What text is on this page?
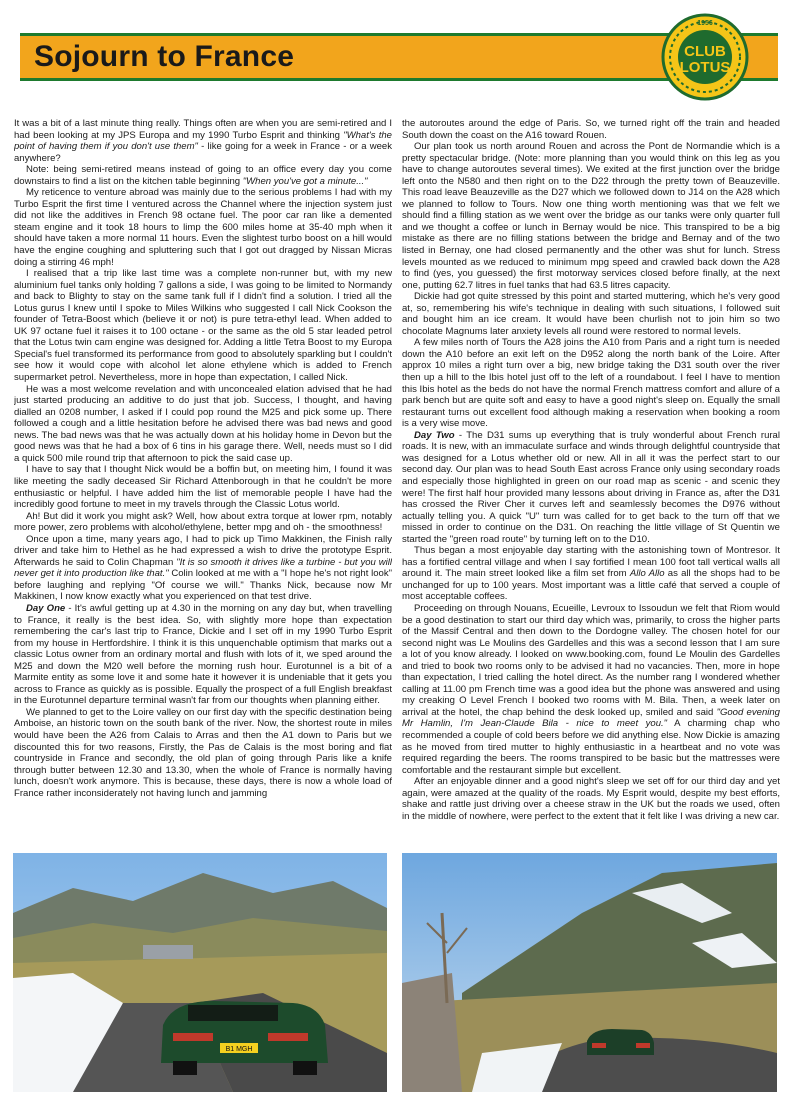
Sojourn to France
1956
CLUB
LOTUS

It was a bit of a last minute thing really. Things often are when you are semi-retired and I had been looking at my JPS Europa and my 1990 Turbo Esprit and thinking "What's the point of having them if you don't use them" - like going for a week in France - or a week anywhere?

Note: being semi-retired means instead of going to an office every day you come downstairs to find a list on the kitchen table beginning "When you've got a minute..."

My reticence to venture abroad was mainly due to the serious problems I had with my Turbo Esprit the first time I ventured across the Channel where the injection system just did not like the additives in French 98 octane fuel. The poor car ran like a demented steam engine and it took 18 hours to limp the 600 miles home at 35-40 mph when it should have taken a more normal 11 hours. Even the slightest turbo boost on a hill would have the engine coughing and spluttering such that I got out dragged by Nissan Micras doing a stirring 46 mph!

I realised that a trip like last time was a complete non-runner but, with my new aluminium fuel tanks only holding 7 gallons a side, I was going to be limited to Normandy and back to Blighty to stay on the same tank full if I didn't find a solution. I tried all the Lotus gurus I knew until I spoke to Miles Wilkins who suggested I call Nick Cookson the founder of Tetra-Boost which (believe it or not) is pure tetra-ethyl lead. When added to UK 97 octane fuel it raises it to 100 octane - or the same as the old 5 star leaded petrol that the Lotus twin cam engine was designed for. Adding a little Tetra Boost to my Europa Special's fuel transformed its performance from good to absolutely sparkling but I couldn't see how it would cope with alcohol let alone ethylene which is added to French supermarket petrol. Nevertheless, more in hope than expectation, I called Nick.

He was a most welcome revelation and with unconcealed elation advised that he had just started producing an additive to do just that job. Success, I thought, and having dialled an 0208 number, I asked if I could pop round the M25 and pick some up. There followed a cough and a little hesitation before he advised there was bad news and good news. The bad news was that he was actually down at his holiday home in Devon but the good news was that he had a box of 6 tins in his garage there. Well, needs must so I did a quick 500 mile round trip that afternoon to pick the said case up.

I have to say that I thought Nick would be a boffin but, on meeting him, I found it was like meeting the sadly deceased Sir Richard Attenborough in that he couldn't be more enthusiastic or helpful. I have added him the list of memorable people I have had the incredibly good fortune to meet in my travels through the Classic Lotus world.

Ah! But did it work you might ask? Well, how about extra torque at lower rpm, notably more power, zero problems with alcohol/ethylene, better mpg and oh - the smoothness!

Once upon a time, many years ago, I had to pick up Timo Makkinen, the Finish rally driver and take him to Hethel as he had expressed a wish to drive the prototype Esprit. Afterwards he said to Colin Chapman "It is so smooth it drives like a turbine - but you will never get it into production like that." Colin looked at me with a "I hope he's not right look" before laughing and replying "Of course we will." Thanks Nick, because now Mr Makkinen, I now know exactly what you experienced on that test drive.

Day One - It's awful getting up at 4.30 in the morning on any day but, when travelling to France, it really is the best idea. So, with slightly more hope than expectation remembering the car's last trip to France, Dickie and I set off in my 1990 Turbo Esprit from my house in Hertfordshire. I think it is this unquenchable optimism that marks out a classic Lotus owner from an ordinary mortal and flush with lots of it, we sped around the M25 and down the M20 well before the morning rush hour. Eurotunnel is a bit of a Marmite entity as some love it and some hate it however it is undeniable that it gets you across to France as quickly as is possible. Equally the prospect of a full English breakfast in the Eurotunnel departure terminal wasn't far from our thoughts when planning either.

We planned to get to the Loire valley on our first day with the specific destination being Amboise, an historic town on the south bank of the river. Now, the shortest route in miles would have been the A26 from Calais to Arras and then the A1 down to Paris but we discounted this for two reasons, Firstly, the Pas de Calais is the most boring and flat countryside in France and secondly, the old plan of going through Paris like a knife through butter between 12.30 and 13.30, when the whole of France is normally having lunch, doesn't work anymore. This is because, these days, there is now a whole load of France rather inconsiderately not having lunch and jamming

the autoroutes around the edge of Paris. So, we turned right off the train and headed South down the coast on the A16 toward Rouen.

Our plan took us north around Rouen and across the Pont de Normandie which is a pretty spectacular bridge. (Note: more planning than you would think on this leg as you have to change autoroutes several times). We exited at the first junction over the bridge left onto the N580 and then right on to the D22 through the pretty town of Beauzeville. This road leave Beauzeville as the D27 which we followed down to J14 on the A28 which we planned to follow to Tours. Now one thing worth mentioning was that we felt we should find a filling station as we went over the bridge as our tanks were only quarter full and we thought a coffee or lunch in Bernay would be nice. This transpired to be a big mistake as there are no filling stations between the bridge and Bernay and of the two listed in Bernay, one had closed permanently and the other was shut for lunch. Stress levels mounted as we reduced to minimum mpg speed and crawled back down the A28 to find (yes, you guessed) the first motorway services closed before finally, at the next one, putting 62.7 litres in fuel tanks that had 63.5 litres capacity.

Dickie had got quite stressed by this point and started muttering, which he's very good at, so, remembering his wife's technique in dealing with such situations, I followed suit and bought him an ice cream. It would have been churlish not to join him so two chocolate Magnums later anxiety levels all round were restored to normal levels.

A few miles north of Tours the A28 joins the A10 from Paris and a right turn is needed down the A10 before an exit left on the D952 along the north bank of the Loire. After approx 10 miles a right turn over a big, new bridge taking the D31 south over the river then up a hill to the Ibis hotel just off to the left of a roundabout. I feel I have to mention this Ibis hotel as the beds do not have the normal French mattress comfort and allure of a park bench but are quite soft and easy to have a good night's sleep on. Equally the small restaurant turns out excellent food although making a reservation when booking a room is a very wise move.

Day Two - The D31 sums up everything that is truly wonderful about French rural roads. It is new, with an immaculate surface and winds through delightful countryside that was designed for a Lotus whether old or new. All in all it was the perfect start to our second day. Our plan was to head South East across France only using secondary roads and especially those highlighted in green on our road map as scenic - and scenic they were! The first half hour provided many lessons about driving in France as, after the D31 has crossed the River Cher it curves left and seamlessly becomes the D976 without actually telling you. A quick "U" turn was called for to get back to the turn off that we missed in order to continue on the D31. On reaching the little village of St Quentin we started the "green road route" by turning left on to the D10.

Thus began a most enjoyable day starting with the astonishing town of Montresor. It has a fortified central village and when I say fortified I mean 100 foot tall vertical walls all around it. The main street looked like a film set from Allo Allo as all the shops had to be unchanged for up to 100 years. Most important was a little café that served a couple of most acceptable coffees.

Proceeding on through Nouans, Ecueille, Levroux to Issoudun we felt that Riom would be a good destination to start our third day which was, primarily, to cross the higher parts of the Massif Central and then down to the Dordogne valley. The chosen hotel for our second night was Le Moulins des Gardelles and this was a second lesson that I am sure a lot of you know already. I looked on www.booking.com, found Le Moulin des Gardelles and tried to book two rooms only to be advised it had no vacancies. Then, more in hope than expectation, I tried calling the hotel direct. As the number rang I wondered whether calling at 11.00 pm French time was a good idea but the phone was answered and using my creaking O Level French I booked two rooms with M. Bila. Then, a week later on arrival at the hotel, the chap behind the desk looked up, smiled and said "Good evening Mr Hamlin, I'm Jean-Claude Bila - nice to meet you." A charming chap who recommended a couple of cold beers before we did anything else. Now Dickie is amazing as he moved from tired mutter to highly enthusiastic in a heartbeat and no vote was required regarding the beers. The rooms transpired to be basic but the mattresses were comfortable and the restaurant simple but excellent.

After an enjoyable dinner and a good night's sleep we set off for our third day and yet again, were amazed at the quality of the roads. My Esprit would, despite my best efforts, shake and rattle just driving over a cheese straw in the UK but the roads we used, often in the middle of nowhere, were perfect to the extent that it felt like I was driving a new car.

B1 MGH
